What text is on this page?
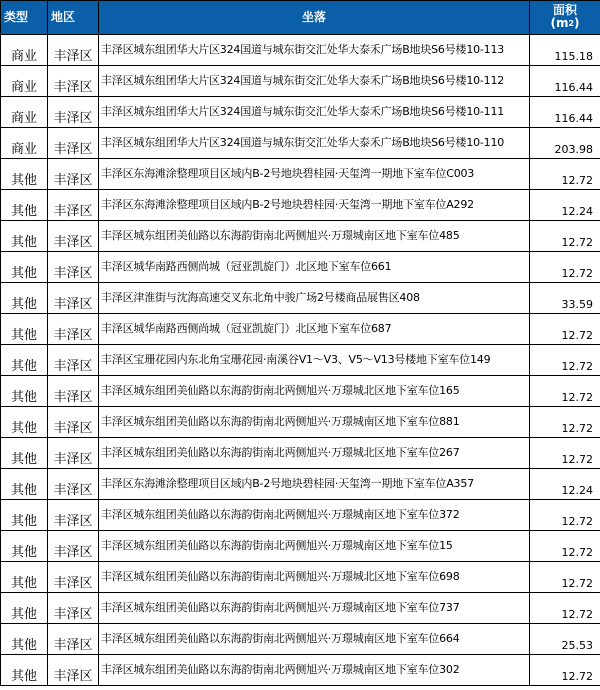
类型	地区	坐落	面积
(m2)

商业	丰泽区	丰泽区城东组团华大片区324国道与城东街交汇处华大泰禾广场B地块S6号楼10-113	115.18
商业	丰泽区	丰泽区城东组团华大片区324国道与城东街交汇处华大泰禾广场B地块S6号楼10-112	116.44
商业	丰泽区	丰泽区城东组团华大片区324国道与城东街交汇处华大泰禾广场B地块S6号楼10-111	116.44
商业	丰泽区	丰泽区城东组团华大片区324国道与城东街交汇处华大泰禾广场B地块S6号楼10-110	203.98
其他	丰泽区	丰泽区东海滩涂整理项目区域内B-2号地块碧桂园·天玺湾一期地下室车位C003	12.72
其他	丰泽区	丰泽区东海滩涂整理项目区域内B-2号地块碧桂园·天玺湾一期地下室车位A292	12.24
其他	丰泽区	丰泽区城东组团美仙路以东海韵街南北两侧旭兴·万璟城南区地下室车位485	12.72
其他	丰泽区	丰泽区城华南路西侧尚城（冠亚凯旋门）北区地下室车位661	12.72
其他	丰泽区	丰泽区津淮街与沈海高速交叉东北角中骏广场2号楼商品展售区408	33.59
其他	丰泽区	丰泽区城华南路西侧尚城（冠亚凯旋门）北区地下室车位687	12.72
其他	丰泽区	丰泽区宝珊花园内东北角宝珊花园·南溪谷V1～V3、V5～V13号楼地下室车位149	12.72
其他	丰泽区	丰泽区城东组团美仙路以东海韵街南北两侧旭兴·万璟城北区地下室车位165	12.72
其他	丰泽区	丰泽区城东组团美仙路以东海韵街南北两侧旭兴·万璟城南区地下室车位881	12.72
其他	丰泽区	丰泽区城东组团美仙路以东海韵街南北两侧旭兴·万璟城北区地下室车位267	12.72
其他	丰泽区	丰泽区东海滩涂整理项目区域内B-2号地块碧桂园·天玺湾一期地下室车位A357	12.24
其他	丰泽区	丰泽区城东组团美仙路以东海韵街南北两侧旭兴·万璟城南区地下室车位372	12.72
其他	丰泽区	丰泽区城东组团美仙路以东海韵街南北两侧旭兴·万璟城南区地下室车位15	12.72
其他	丰泽区	丰泽区城东组团美仙路以东海韵街南北两侧旭兴·万璟城北区地下室车位698	12.72
其他	丰泽区	丰泽区城东组团美仙路以东海韵街南北两侧旭兴·万璟城南区地下室车位737	12.72
其他	丰泽区	丰泽区城东组团美仙路以东海韵街南北两侧旭兴·万璟城南区地下室车位664	25.53
其他	丰泽区	丰泽区城东组团美仙路以东海韵街南北两侧旭兴·万璟城南区地下室车位302	12.72
